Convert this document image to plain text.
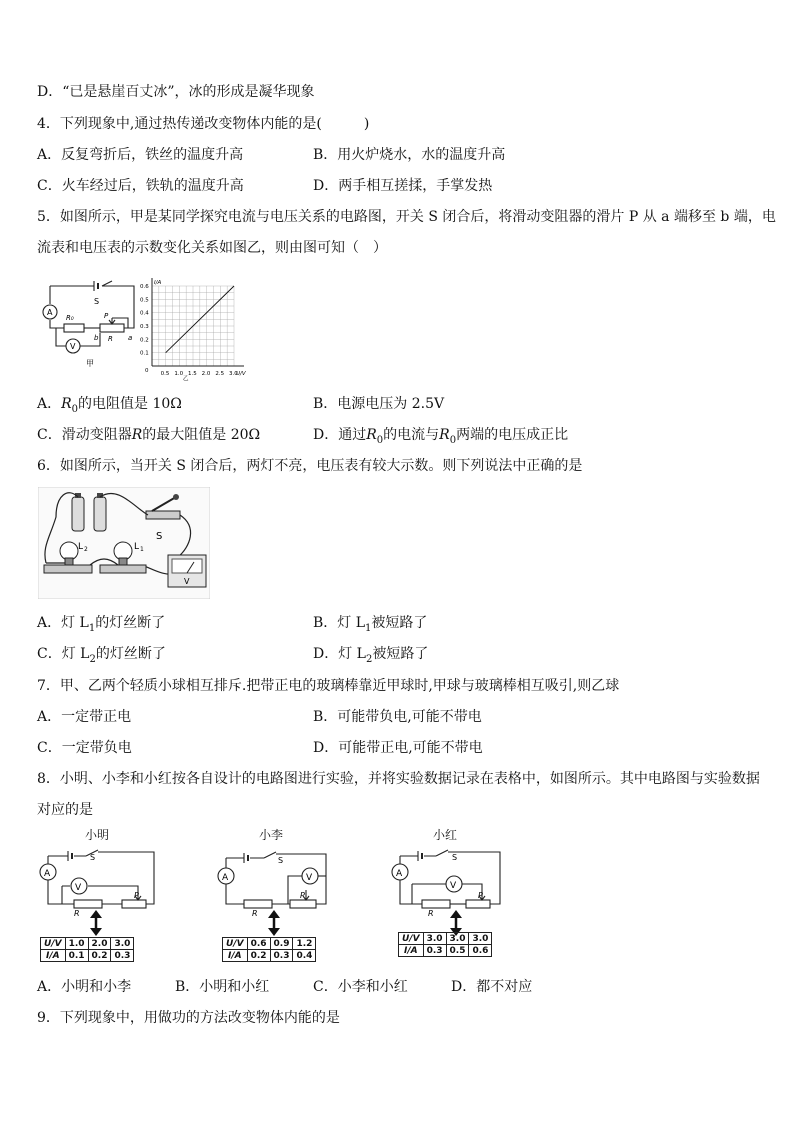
D．“已是悬崖百丈冰”，冰的形成是凝华现象
4．下列现象中,通过热传递改变物体内能的是(　　　)
A．反复弯折后，铁丝的温度升高	B．用火炉烧水，水的温度升高
C．火车经过后，铁轨的温度升高	D．两手相互搓揉，手掌发热
5．如图所示，甲是某同学探究电流与电压关系的电路图，开关 S 闭合后，将滑动变阻器的滑片 P 从 a 端移至 b 端，电
流表和电压表的示数变化关系如图乙，则由图可知（　）
S
A
V
R₀	P
R
b	a
甲
0.5 1.0 1.5 2.0 2.5 3.0
0.1
0.2
0.3
0.4
0.5
0.6
0	U/V
I/A
乙
A．$R_0$的电阻值是 10Ω	B．电源电压为 2.5V
C．滑动变阻器R的最大阻值是 20Ω	D．通过$R_0$的电流与$R_0$两端的电压成正比
6．如图所示，当开关 S 闭合后，两灯不亮，电压表有较大示数。则下列说法中正确的是
L 2	L 1
S
V
A．灯 $L_1$的灯丝断了	B．灯 $L_1$被短路了
C．灯 $L_2$的灯丝断了	D．灯 $L_2$被短路了
7．甲、乙两个轻质小球相互排斥.把带正电的玻璃棒靠近甲球时,甲球与玻璃棒相互吸引,则乙球
A．一定带正电	B．可能带负电,可能不带电
C．一定带负电	D．可能带正电,可能不带电
8．小明、小李和小红按各自设计的电路图进行实验，并将实验数据记录在表格中，如图所示。其中电路图与实验数据
对应的是
小明	小李	小红
A
V
S
R
P
A	V
S
R
P
A
V
S
R
P
U/V	1.0	2.0	3.0
I/A	0.1	0.2	0.3
U/V	0.6	0.9	1.2
I/A	0.2	0.3	0.4
U/V	3.0	3.0	3.0
I/A	0.3	0.5	0.6
A．小明和小李	B．小明和小红	C．小李和小红	D．都不对应
9．下列现象中，用做功的方法改变物体内能的是
